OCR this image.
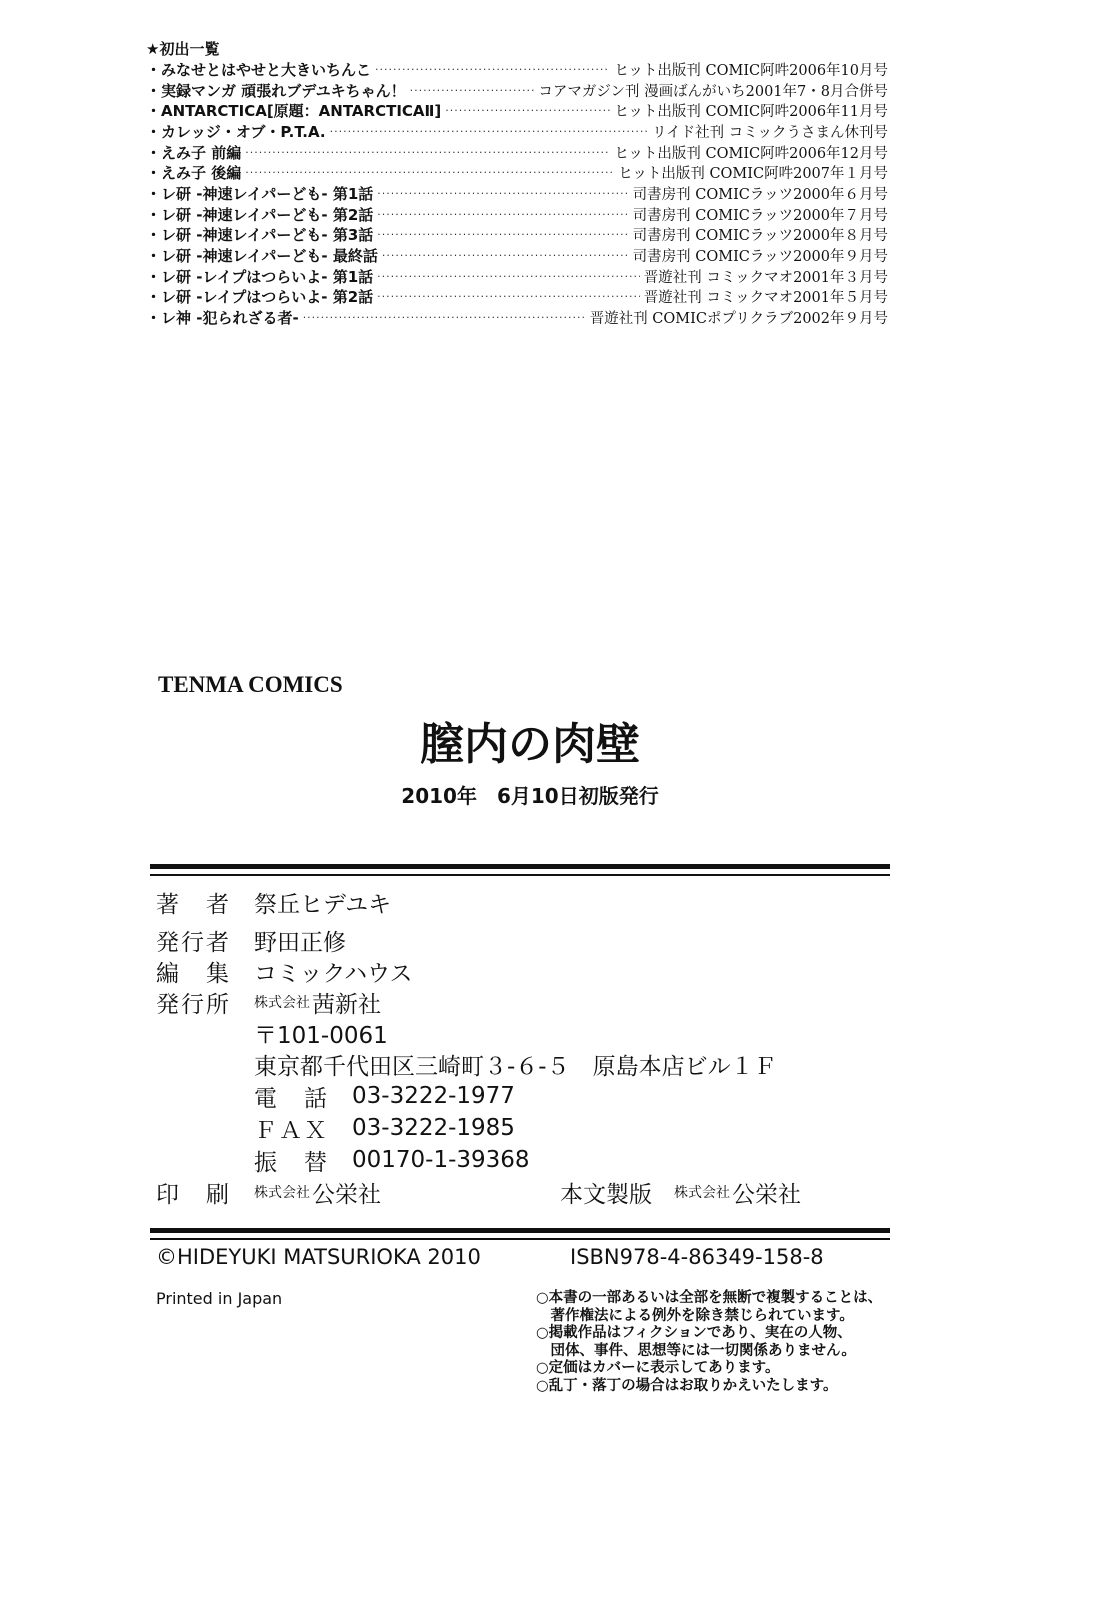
★初出一覧
・みなせとはやせと大きいちんこ ·····	ヒット出版刊 COMIC阿吽2006年10月号
・実録マンガ 頑張れブデユキちゃん！ ·····	コアマガジン刊 漫画ばんがいち2001年7・8月合併号
・ANTARCTICA[原題：ANTARCTICAⅡ] ·····	ヒット出版刊 COMIC阿吽2006年11月号
・カレッジ・オブ・P.T.A. ·····	リイド社刊 コミックうさまん休刊号
・えみ子 前編 ·····	ヒット出版刊 COMIC阿吽2006年12月号
・えみ子 後編 ·····	ヒット出版刊 COMIC阿吽2007年１月号
・レ研 -神速レイパーども- 第1話 ·····	司書房刊 COMICラッツ2000年６月号
・レ研 -神速レイパーども- 第2話 ·····	司書房刊 COMICラッツ2000年７月号
・レ研 -神速レイパーども- 第3話 ·····	司書房刊 COMICラッツ2000年８月号
・レ研 -神速レイパーども- 最終話 ·····	司書房刊 COMICラッツ2000年９月号
・レ研 -レイプはつらいよ- 第1話 ·····	晋遊社刊 コミックマオ2001年３月号
・レ研 -レイプはつらいよ- 第2話 ·····	晋遊社刊 コミックマオ2001年５月号
・レ神 -犯られざる者- ·····	晋遊社刊 COMICポプリクラブ2002年９月号
TENMA COMICS
膣内の肉壁
2010年　6月10日初版発行
著　者	祭丘ヒデユキ
発行者	野田正修
編　集	コミックハウス
発行所	株式会社 茜新社
〒101-0061
東京都千代田区三崎町３-６-５　原島本店ビル１Ｆ
電　話	03-3222-1977
ＦＡＸ	03-3222-1985
振　替	00170-1-39368
印　刷	株式会社 公栄社	本文製版 株式会社 公栄社
©HIDEYUKI MATSURIOKA 2010	ISBN978-4-86349-158-8
Printed in Japan	○本書の一部あるいは全部を無断で複製することは、
　著作権法による例外を除き禁じられています。
○掲載作品はフィクションであり、実在の人物、
　団体、事件、思想等には一切関係ありません。
○定価はカバーに表示してあります。
○乱丁・落丁の場合はお取りかえいたします。
